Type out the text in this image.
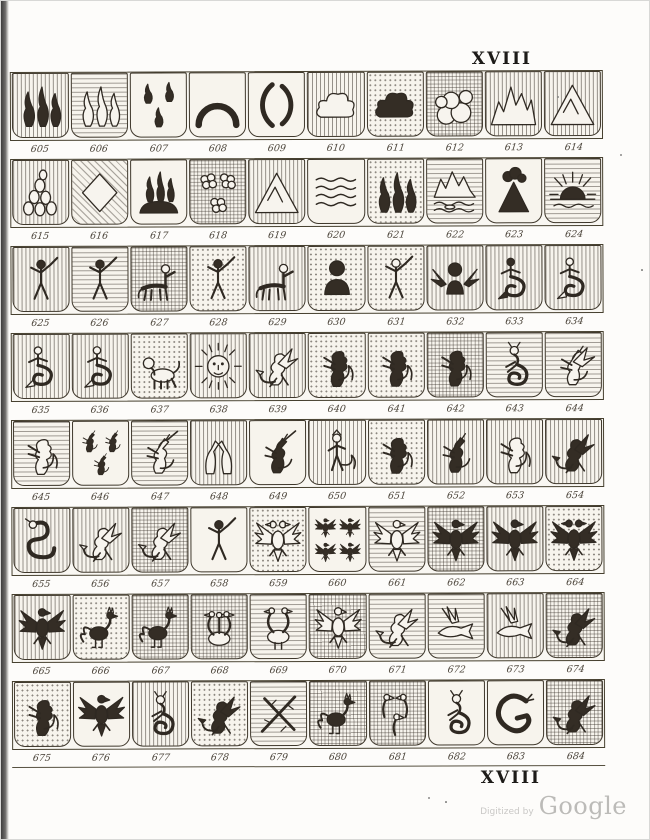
XVIII
605	606	607	608	609	610	611	612	613	614
615	616	617	618	619	620	621	622	623	624
625	626	627	628	629	630	631	632	633	634
635	636	637	638	639	640	641	642	643	644
645	646	647	648	649	650	651	652	653	654
655	656	657	658	659	660	661	662	663	664
665	666	667	668	669	670	671	672	673	674
675	676	677	678	679	680	681	682	683	684
XVIII
Digitized by Google
